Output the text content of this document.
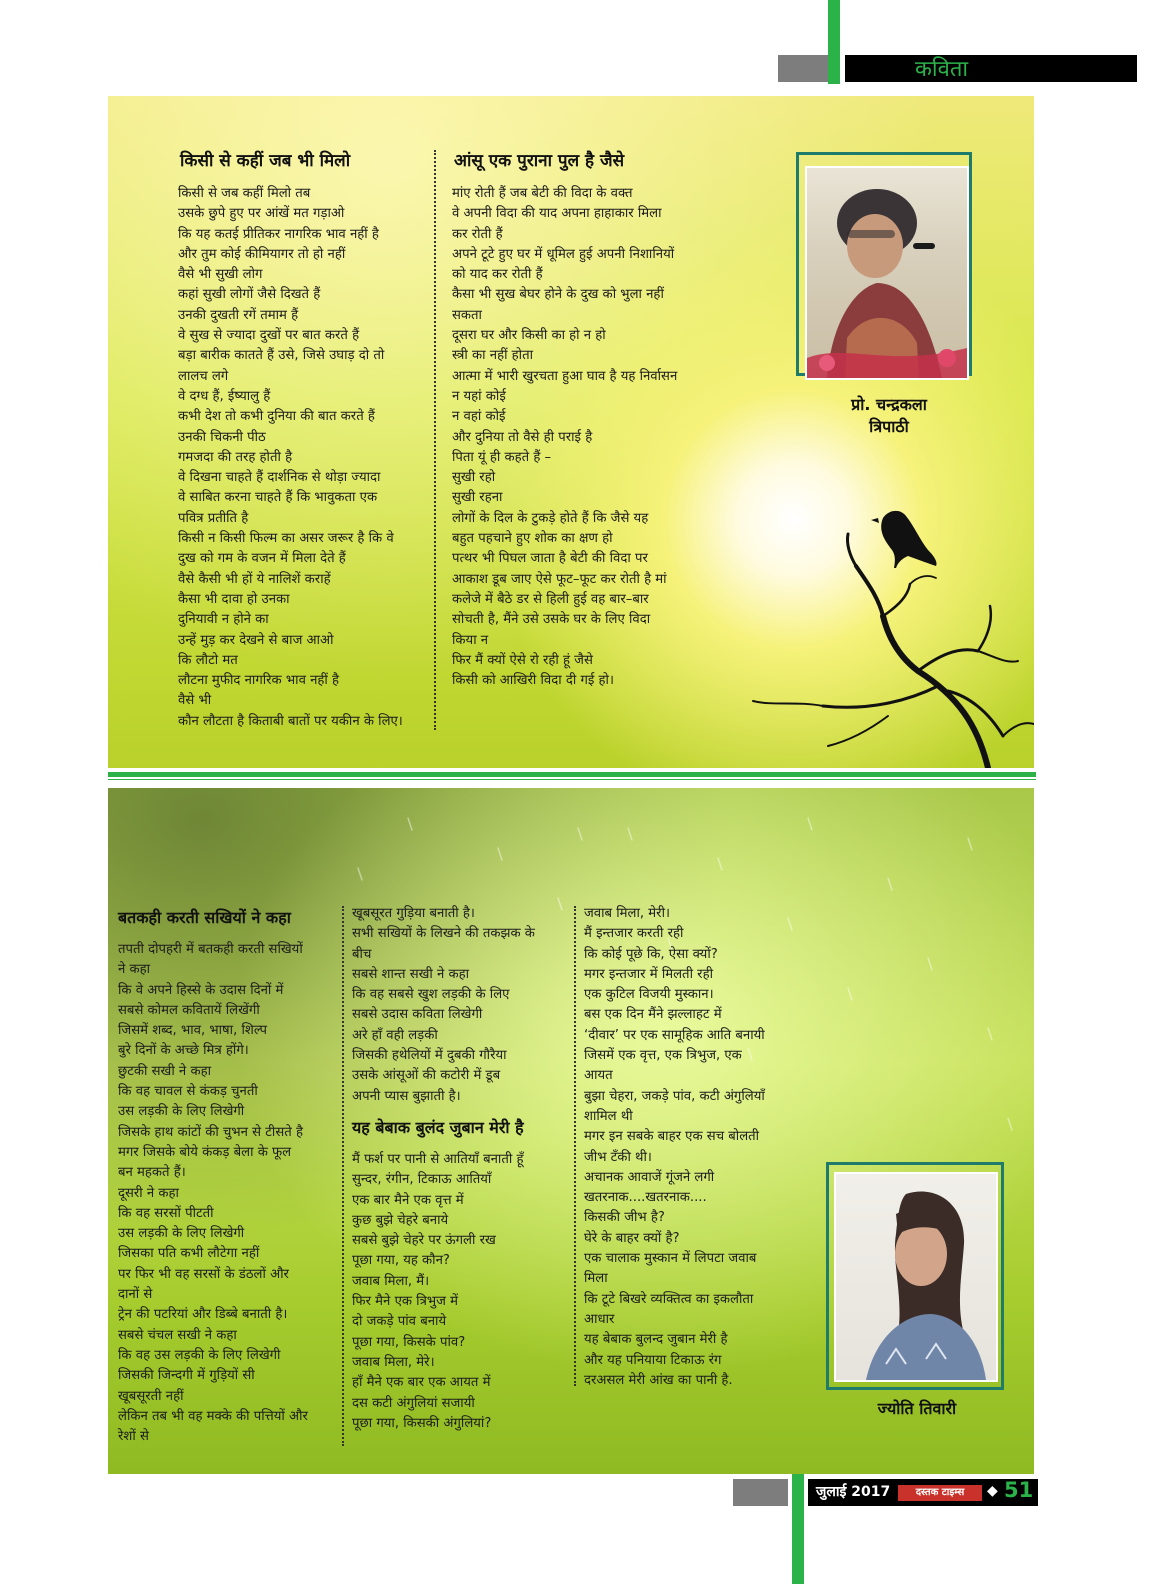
कविता
किसी से कहीं जब भी मिलो
किसी से जब कहीं मिलो तब
उसके छुपे हुए पर आंखें मत गड़ाओ
कि यह कतई प्रीतिकर नागरिक भाव नहीं है
और तुम कोई कीमियागर तो हो नहीं
वैसे भी सुखी लोग
कहां सुखी लोगों जैसे दिखते हैं
उनकी दुखती रगें तमाम हैं
वे सुख से ज्यादा दुखों पर बात करते हैं
बड़ा बारीक कातते हैं उसे, जिसे उघाड़ दो तो
लालच लगे
वे दग्ध हैं, ईष्यालु हैं
कभी देश तो कभी दुनिया की बात करते हैं
उनकी चिकनी पीठ
गमजदा की तरह होती है
वे दिखना चाहते हैं दार्शनिक से थोड़ा ज्यादा
वे साबित करना चाहते हैं कि भावुकता एक
पवित्र प्रतीति है
किसी न किसी फिल्म का असर जरूर है कि वे
दुख को गम के वजन में मिला देते हैं
वैसे कैसी भी हों ये नालिशें कराहें
कैसा भी दावा हो उनका
दुनियावी न होने का
उन्हें मुड़ कर देखने से बाज आओ
कि लौटो मत
लौटना मुफीद नागरिक भाव नहीं है
वैसे भी
कौन लौटता है किताबी बातों पर यकीन के लिए।
आंसू एक पुराना पुल है जैसे
मांए रोती हैं जब बेटी की विदा के वक्त
वे अपनी विदा की याद अपना हाहाकार मिला
कर रोती हैं
अपने टूटे हुए घर में धूमिल हुई अपनी निशानियों
को याद कर रोती हैं
कैसा भी सुख बेघर होने के दुख को भुला नहीं
सकता
दूसरा घर और किसी का हो न हो
स्त्री का नहीं होता
आत्मा में भारी खुरचता हुआ घाव है यह निर्वासन
न यहां कोई
न वहां कोई
और दुनिया तो वैसे ही पराई है
पिता यूं ही कहते हैं –
सुखी रहो
सुखी रहना
लोगों के दिल के टुकड़े होते हैं कि जैसे यह
बहुत पहचाने हुए शोक का क्षण हो
पत्थर भी पिघल जाता है बेटी की विदा पर
आकाश डूब जाए ऐसे फूट–फूट कर रोती है मां
कलेजे में बैठे डर से हिली हुई वह बार–बार
सोचती है, मैंने उसे उसके घर के लिए विदा
किया न
फिर मैं क्यों ऐसे रो रही हूं जैसे
किसी को आखिरी विदा दी गई हो।
प्रो. चन्द्रकला
त्रिपाठी
बतकही करती सखियों ने कहा
तपती दोपहरी में बतकही करती सखियों
ने कहा
कि वे अपने हिस्से के उदास दिनों में
सबसे कोमल कवितायें लिखेंगी
जिसमें शब्द, भाव, भाषा, शिल्प
बुरे दिनों के अच्छे मित्र होंगे।
छुटकी सखी ने कहा
कि वह चावल से कंकड़ चुनती
उस लड़की के लिए लिखेगी
जिसके हाथ कांटों की चुभन से टीसते है
मगर जिसके बोये कंकड़ बेला के फूल
बन महकते हैं।
दूसरी ने कहा
कि वह सरसों पीटती
उस लड़की के लिए लिखेगी
जिसका पति कभी लौटेगा नहीं
पर फिर भी वह सरसों के डंठलों और
दानों से
ट्रेन की पटरियां और डिब्बे बनाती है।
सबसे चंचल सखी ने कहा
कि वह उस लड़की के लिए लिखेगी
जिसकी जिन्दगी में गुड़ियों सी
खूबसूरती नहीं
लेकिन तब भी वह मक्के की पत्तियों और
रेशों से
खूबसूरत गुड़िया बनाती है।
सभी सखियों के लिखने की तकझक के
बीच
सबसे शान्त सखी ने कहा
कि वह सबसे खुश लड़की के लिए
सबसे उदास कविता लिखेगी
अरे हाँ वही लड़की
जिसकी हथेलियों में दुबकी गौरैया
उसके आंसूओं की कटोरी में डूब
अपनी प्यास बुझाती है।
यह बेबाक बुलंद जुबान मेरी है
मैं फर्श पर पानी से आतियाँ बनाती हूँ
सुन्दर, रंगीन, टिकाऊ आतियाँ
एक बार मैने एक वृत्त में
कुछ बुझे चेहरे बनाये
सबसे बुझे चेहरे पर ऊंगली रख
पूछा गया, यह कौन?
जवाब मिला, मैं।
फिर मैने एक त्रिभुज में
दो जकड़े पांव बनाये
पूछा गया, किसके पांव?
जवाब मिला, मेरे।
हाँ मैने एक बार एक आयत में
दस कटी अंगुलियां सजायी
पूछा गया, किसकी अंगुलियां?
जवाब मिला, मेरी।
मैं इन्तजार करती रही
कि कोई पूछे कि, ऐसा क्यों?
मगर इन्तजार में मिलती रही
एक कुटिल विजयी मुस्कान।
बस एक दिन मैंने झल्लाहट में
‘दीवार’ पर एक सामूहिक आति बनायी
जिसमें एक वृत्त, एक त्रिभुज, एक
आयत
बुझा चेहरा, जकड़े पांव, कटी अंगुलियाँ
शामिल थी
मगर इन सबके बाहर एक सच बोलती
जीभ टँकी थी।
अचानक आवाजें गूंजने लगी
खतरनाक....खतरनाक....
किसकी जीभ है?
घेरे के बाहर क्यों है?
एक चालाक मुस्कान में लिपटा जवाब
मिला
कि टूटे बिखरे व्यक्तित्व का इकलौता
आधार
यह बेबाक बुलन्द जुबान मेरी है
और यह पनियाया टिकाऊ रंग
दरअसल मेरी आंख का पानी है.
ज्योति तिवारी
जुलाई 2017	दस्तक टाइम्स	◆ 51
